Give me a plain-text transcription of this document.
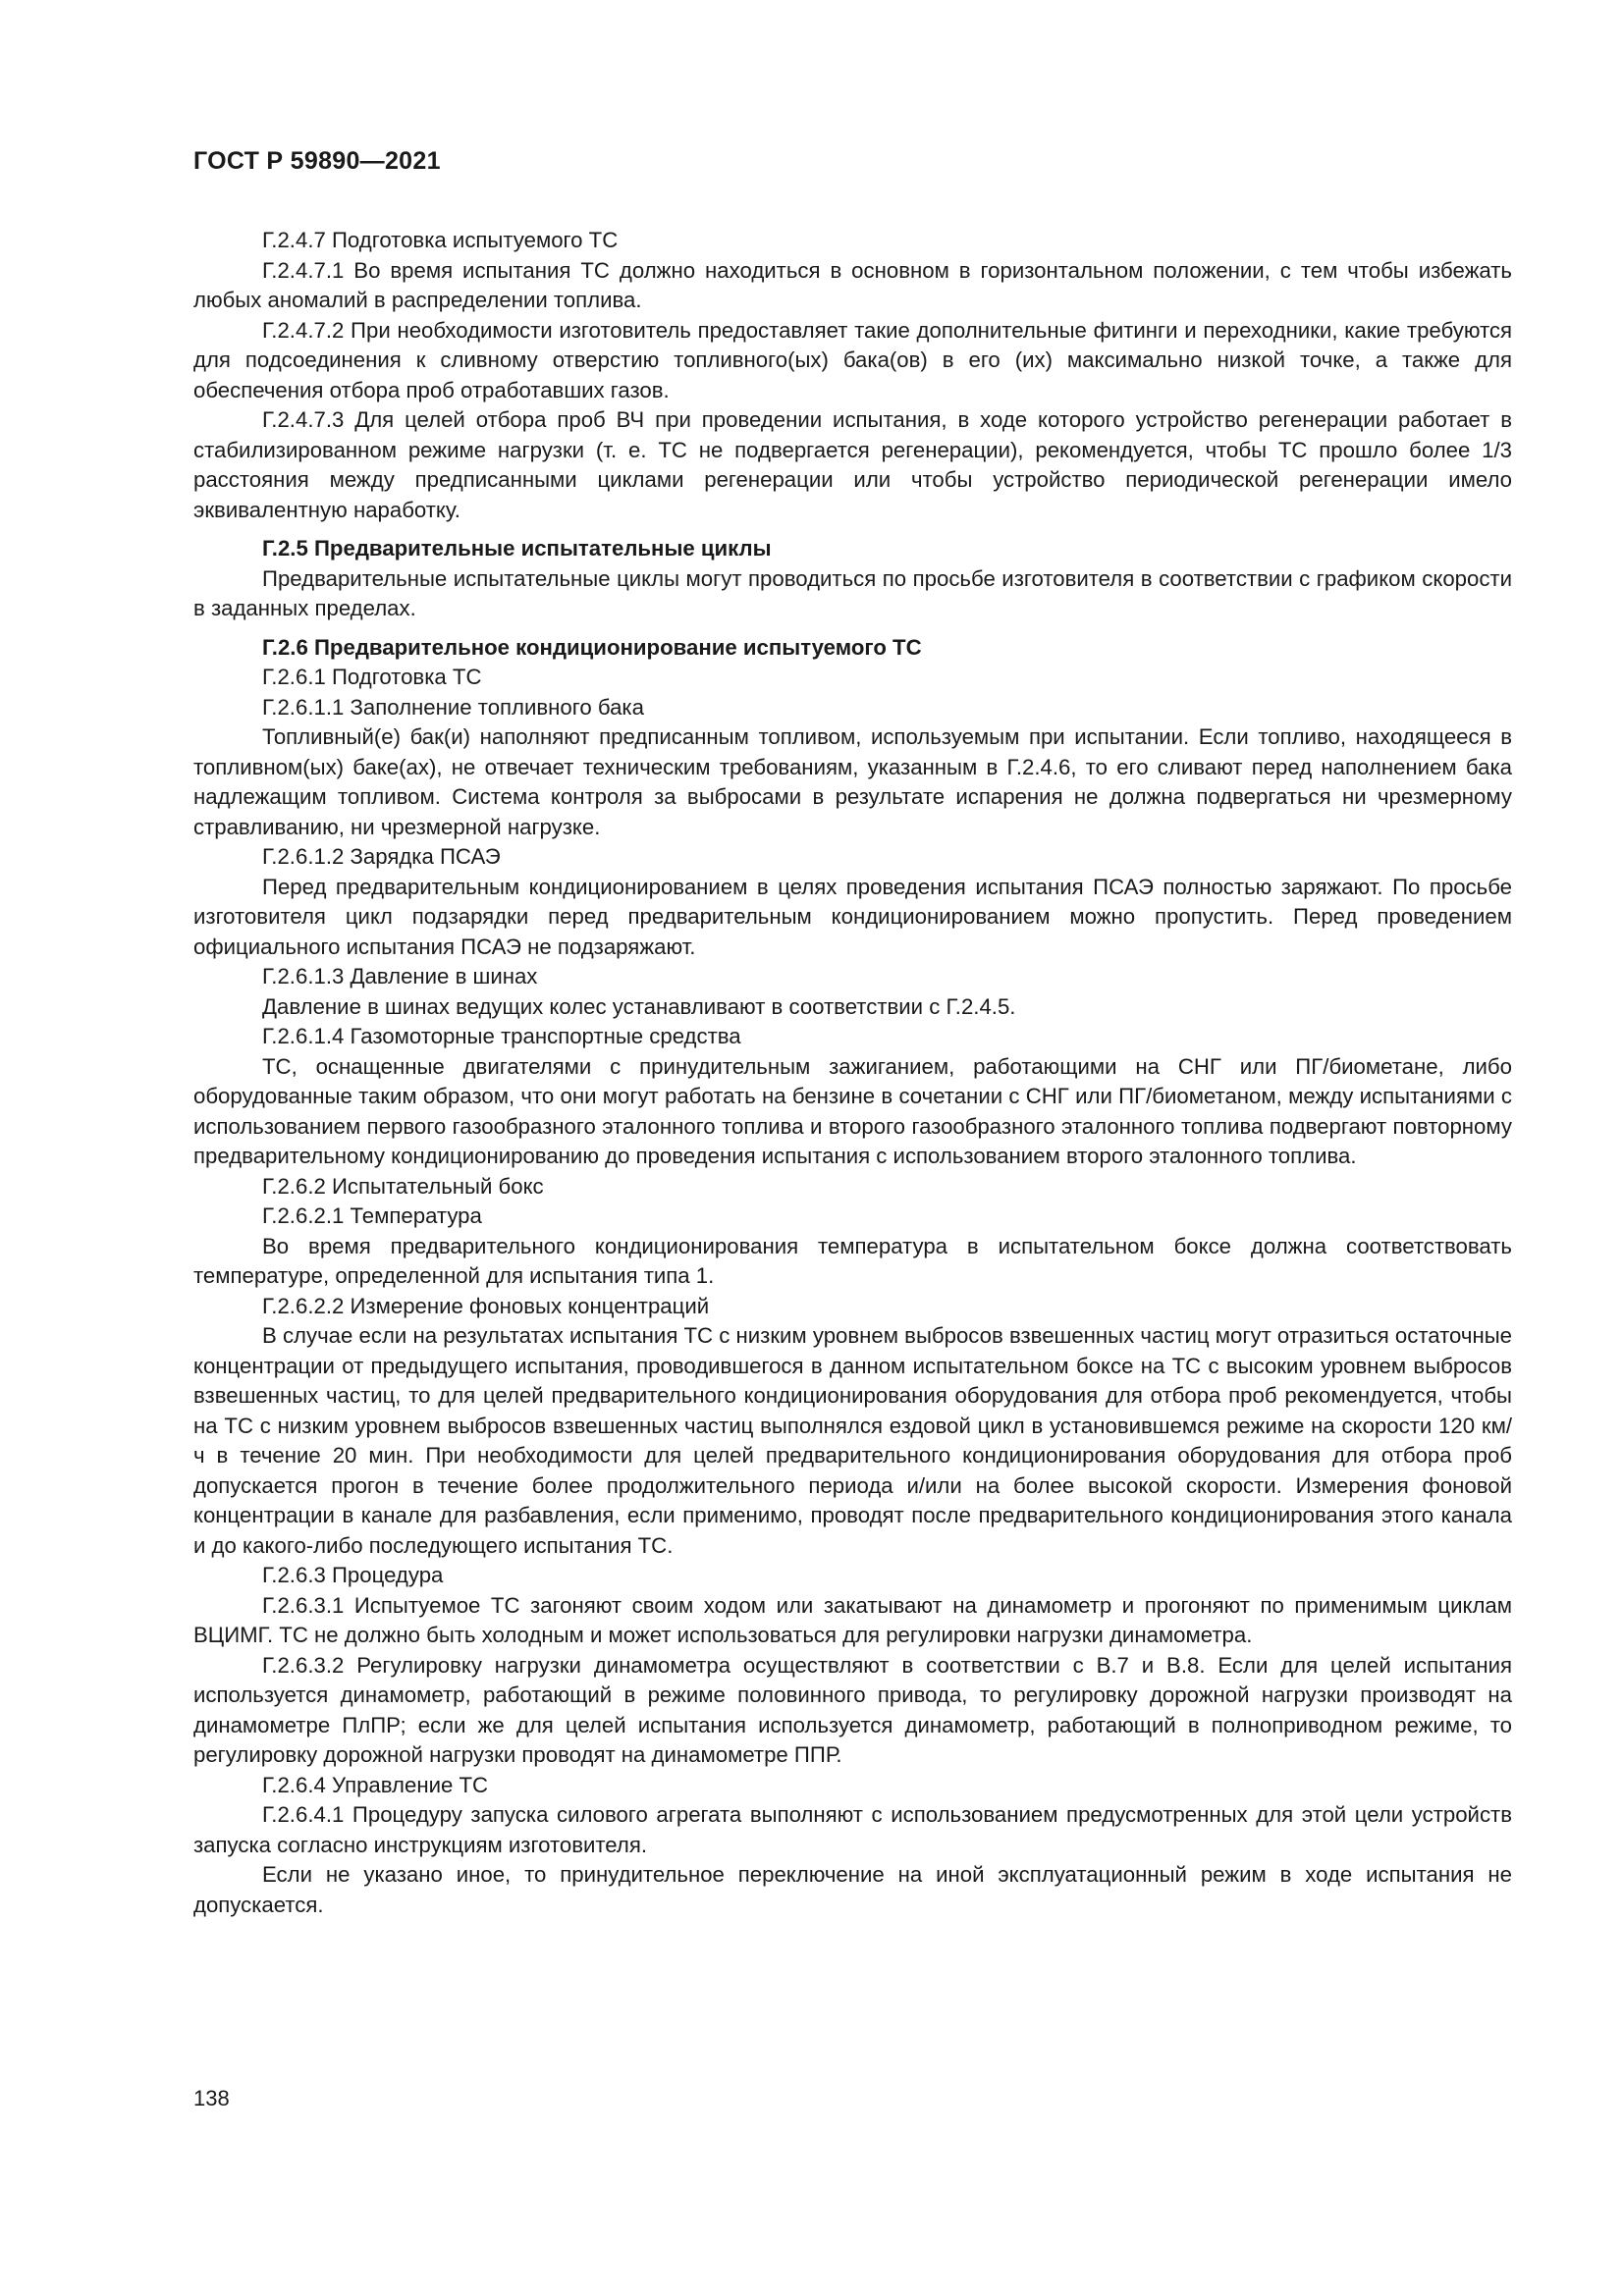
ГОСТ Р 59890—2021

Г.2.4.7 Подготовка испытуемого ТС

Г.2.4.7.1 Во время испытания ТС должно находиться в основном в горизонтальном положении, с тем чтобы избежать любых аномалий в распределении топлива.

Г.2.4.7.2 При необходимости изготовитель предоставляет такие дополнительные фитинги и переходники, какие требуются для подсоединения к сливному отверстию топливного(ых) бака(ов) в его (их) максимально низкой точке, а также для обеспечения отбора проб отработавших газов.

Г.2.4.7.3 Для целей отбора проб ВЧ при проведении испытания, в ходе которого устройство регенерации работает в стабилизированном режиме нагрузки (т. е. ТС не подвергается регенерации), рекомендуется, чтобы ТС прошло более 1/3 расстояния между предписанными циклами регенерации или чтобы устройство периодической регенерации имело эквивалентную наработку.

Г.2.5 Предварительные испытательные циклы

Предварительные испытательные циклы могут проводиться по просьбе изготовителя в соответствии с графиком скорости в заданных пределах.

Г.2.6 Предварительное кондиционирование испытуемого ТС

Г.2.6.1 Подготовка ТС

Г.2.6.1.1 Заполнение топливного бака

Топливный(е) бак(и) наполняют предписанным топливом, используемым при испытании. Если топливо, находящееся в топливном(ых) баке(ах), не отвечает техническим требованиям, указанным в Г.2.4.6, то его сливают перед наполнением бака надлежащим топливом. Система контроля за выбросами в результате испарения не должна подвергаться ни чрезмерному стравливанию, ни чрезмерной нагрузке.

Г.2.6.1.2 Зарядка ПСАЭ

Перед предварительным кондиционированием в целях проведения испытания ПСАЭ полностью заряжают. По просьбе изготовителя цикл подзарядки перед предварительным кондиционированием можно пропустить. Перед проведением официального испытания ПСАЭ не подзаряжают.

Г.2.6.1.3 Давление в шинах

Давление в шинах ведущих колес устанавливают в соответствии с Г.2.4.5.

Г.2.6.1.4 Газомоторные транспортные средства

ТС, оснащенные двигателями с принудительным зажиганием, работающими на СНГ или ПГ/биометане, либо оборудованные таким образом, что они могут работать на бензине в сочетании с СНГ или ПГ/биометаном, между испытаниями с использованием первого газообразного эталонного топлива и второго газообразного эталонного топлива подвергают повторному предварительному кондиционированию до проведения испытания с использованием второго эталонного топлива.

Г.2.6.2 Испытательный бокс

Г.2.6.2.1 Температура

Во время предварительного кондиционирования температура в испытательном боксе должна соответствовать температуре, определенной для испытания типа 1.

Г.2.6.2.2 Измерение фоновых концентраций

В случае если на результатах испытания ТС с низким уровнем выбросов взвешенных частиц могут отразиться остаточные концентрации от предыдущего испытания, проводившегося в данном испытательном боксе на ТС с высоким уровнем выбросов взвешенных частиц, то для целей предварительного кондиционирования оборудования для отбора проб рекомендуется, чтобы на ТС с низким уровнем выбросов взвешенных частиц выполнялся ездовой цикл в установившемся режиме на скорости 120 км/ч в течение 20 мин. При необходимости для целей предварительного кондиционирования оборудования для отбора проб допускается прогон в течение более продолжительного периода и/или на более высокой скорости. Измерения фоновой концентрации в канале для разбавления, если применимо, проводят после предварительного кондиционирования этого канала и до какого-либо последующего испытания ТС.

Г.2.6.3 Процедура

Г.2.6.3.1 Испытуемое ТС загоняют своим ходом или закатывают на динамометр и прогоняют по применимым циклам ВЦИМГ. ТС не должно быть холодным и может использоваться для регулировки нагрузки динамометра.

Г.2.6.3.2 Регулировку нагрузки динамометра осуществляют в соответствии с В.7 и В.8. Если для целей испытания используется динамометр, работающий в режиме половинного привода, то регулировку дорожной нагрузки производят на динамометре ПлПР; если же для целей испытания используется динамометр, работающий в полноприводном режиме, то регулировку дорожной нагрузки проводят на динамометре ППР.

Г.2.6.4 Управление ТС

Г.2.6.4.1 Процедуру запуска силового агрегата выполняют с использованием предусмотренных для этой цели устройств запуска согласно инструкциям изготовителя.

Если не указано иное, то принудительное переключение на иной эксплуатационный режим в ходе испытания не допускается.

138
